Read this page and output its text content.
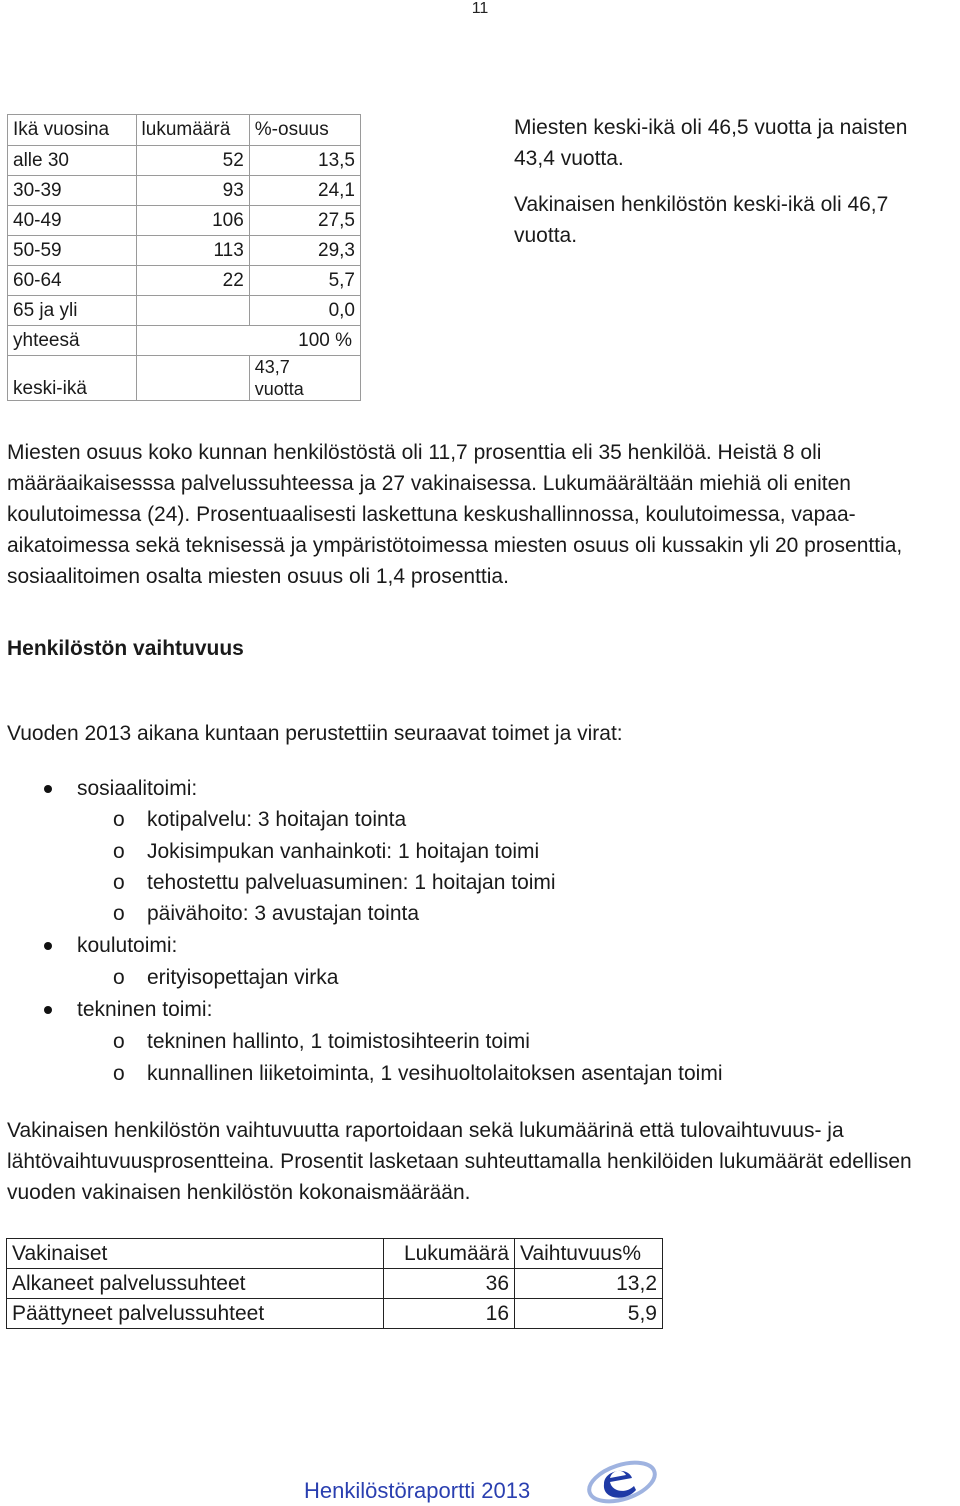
11
Ikä vuosina	lukumäärä	%-osuus
alle 30	52	13,5
30-39	93	24,1
40-49	106	27,5
50-59	113	29,3
60-64	22	5,7
65 ja yli		0,0
yhteesä	100 %	
keski-ikä		43,7
vuotta

Miesten keski-ikä oli 46,5 vuotta ja naisten 43,4 vuotta.

Vakinaisen henkilöstön keski-ikä oli 46,7 vuotta.

Miesten osuus koko kunnan henkilöstöstä oli 11,7 prosenttia eli 35 henkilöä. Heistä 8 oli määräaikaisesssa palvelussuhteessa ja 27 vakinaisessa. Lukumäärältään miehiä oli eniten koulutoimessa (24). Prosentuaalisesti laskettuna keskushallinnossa, koulutoimessa, vapaa-aikatoimessa sekä teknisessä ja ympäristötoimessa miesten osuus oli kussakin yli 20 prosenttia, sosiaalitoimen osalta miesten osuus oli 1,4 prosenttia.
Henkilöstön vaihtuvuus
Vuoden 2013 aikana kuntaan perustettiin seuraavat toimet ja virat:
sosiaalitoimi:
o kotipalvelu: 3 hoitajan tointa
o Jokisimpukan vanhainkoti: 1 hoitajan toimi
o tehostettu palveluasuminen: 1 hoitajan toimi
o päivähoito: 3 avustajan tointa
koulutoimi:
o erityisopettajan virka
tekninen toimi:
o tekninen hallinto, 1 toimistosihteerin toimi
o kunnallinen liiketoiminta, 1 vesihuoltolaitoksen asentajan toimi
Vakinaisen henkilöstön vaihtuvuutta raportoidaan sekä lukumäärinä että tulovaihtuvuus- ja lähtövaihtuvuusprosentteina. Prosentit lasketaan suhteuttamalla henkilöiden lukumäärät edellisen vuoden vakinaisen henkilöstön kokonaismäärään.
Vakinaiset	Lukumäärä	Vaihtuvuus%
Alkaneet palvelussuhteet	36	13,2
Päättyneet palvelussuhteet	16	5,9
Henkilöstöraportti 2013
